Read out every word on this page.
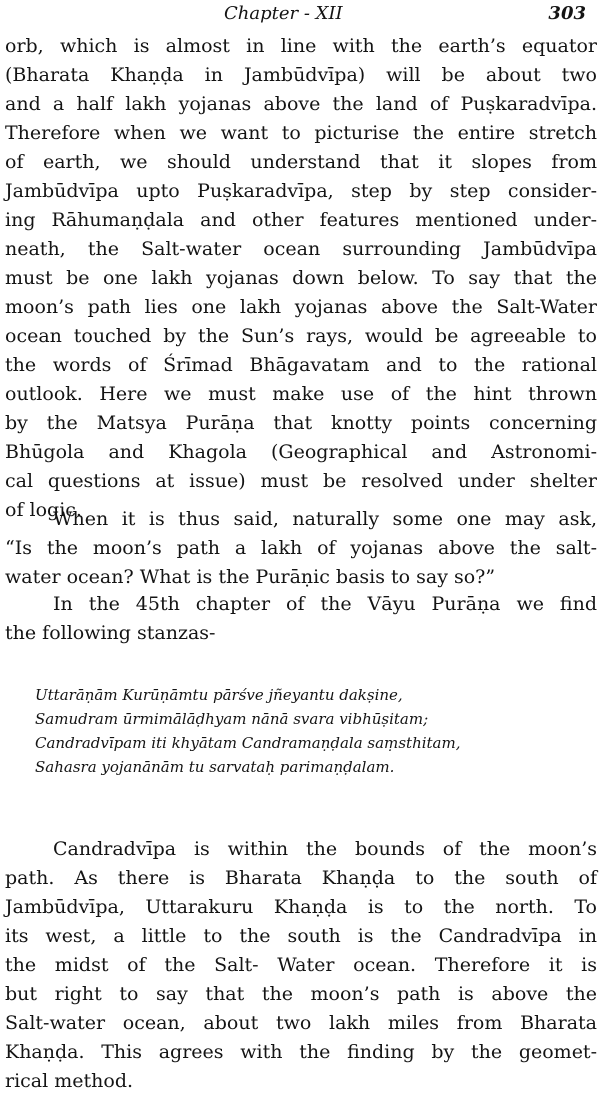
Chapter - XII	303
orb, which is almost in line with the earth’s equator
(Bharata Khaṇḍa in Jambūdvīpa) will be about two
and a half lakh yojanas above the land of Puṣkaradvīpa.
Therefore when we want to picturise the entire stretch
of earth, we should understand that it slopes from
Jambūdvīpa upto Puṣkaradvīpa, step by step consider-
ing Rāhumaṇḍala and other features mentioned under-
neath, the Salt-water ocean surrounding Jambūdvīpa
must be one lakh yojanas down below. To say that the
moon’s path lies one lakh yojanas above the Salt-Water
ocean touched by the Sun’s rays, would be agreeable to
the words of Śrīmad Bhāgavatam and to the rational
outlook. Here we must make use of the hint thrown
by the Matsya Purāṇa that knotty points concerning
Bhūgola and Khagola (Geographical and Astronomi-
cal questions at issue) must be resolved under shelter
of logic.
When it is thus said, naturally some one may ask,
“Is the moon’s path a lakh of yojanas above the salt-
water ocean? What is the Purāṇic basis to say so?”
In the 45th chapter of the Vāyu Purāṇa we find
the following stanzas-
Uttarāṇām Kurūṇāmtu pārśve jñeyantu dakṣine,
Samudram ūrmimālāḍhyam nānā svara vibhūṣitam;
Candradvīpam iti khyātam Candramaṇḍala saṃsthitam,
Sahasra yojanānām tu sarvataḥ parimaṇḍalam.
Candradvīpa is within the bounds of the moon’s
path. As there is Bharata Khaṇḍa to the south of
Jambūdvīpa, Uttarakuru Khaṇḍa is to the north. To
its west, a little to the south is the Candradvīpa in
the midst of the Salt- Water ocean. Therefore it is
but right to say that the moon’s path is above the
Salt-water ocean, about two lakh miles from Bharata
Khaṇḍa. This agrees with the finding by the geomet-
rical method.
